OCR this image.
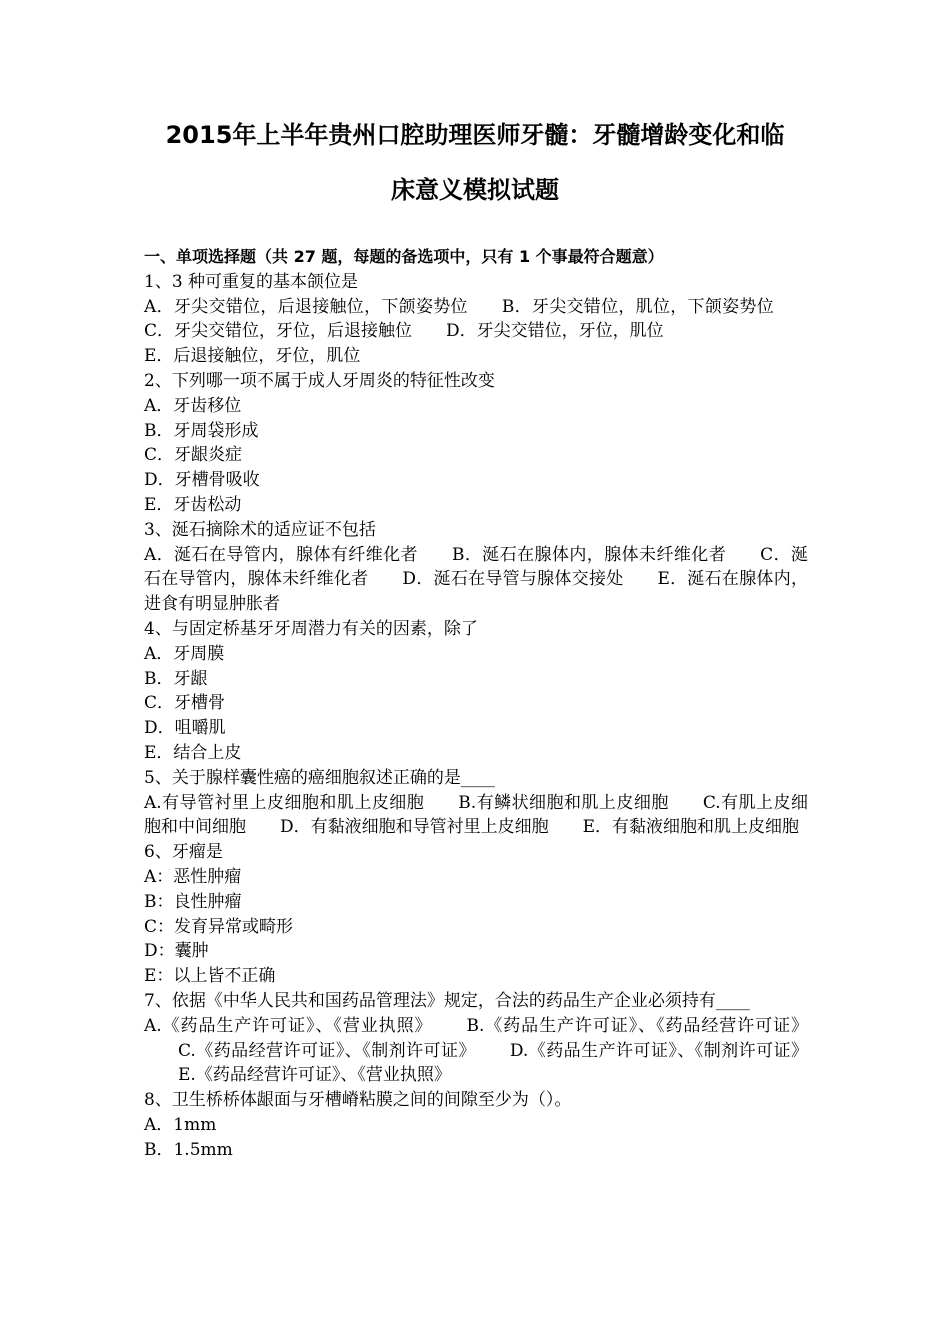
2015年上半年贵州口腔助理医师牙髓：牙髓增龄变化和临
床意义模拟试题
一、单项选择题（共 27 题，每题的备选项中，只有 1 个事最符合题意）

1、3 种可重复的基本颌位是

A．牙尖交错位，后退接触位，下颌姿势位 B．牙尖交错位，肌位，下颌姿势位C．牙尖交错位，牙位，后退接触位 D．牙尖交错位，牙位，肌位
E．后退接触位，牙位，肌位

2、下列哪一项不属于成人牙周炎的特征性改变

A．牙齿移位

B．牙周袋形成

C．牙龈炎症

D．牙槽骨吸收

E．牙齿松动

3、涎石摘除术的适应证不包括

A．涎石在导管内，腺体有纤维化者 B．涎石在腺体内，腺体未纤维化者 C．涎石在导管内，腺体未纤维化者 D．涎石在导管与腺体交接处 E．涎石在腺体内，进食有明显肿胀者

4、与固定桥基牙牙周潜力有关的因素，除了

A．牙周膜

B．牙龈

C．牙槽骨

D．咀嚼肌

E．结合上皮

5、关于腺样囊性癌的癌细胞叙述正确的是____

A.有导管衬里上皮细胞和肌上皮细胞 B.有鳞状细胞和肌上皮细胞 C.有肌上皮细胞和中间细胞 D．有黏液细胞和导管衬里上皮细胞 E．有黏液细胞和肌上皮细胞

6、牙瘤是

A：恶性肿瘤

B：良性肿瘤

C：发育异常或畸形

D：囊肿

E：以上皆不正确

7、依据《中华人民共和国药品管理法》规定，合法的药品生产企业必须持有____

A.《药品生产许可证》、《营业执照》 B.《药品生产许可证》、《药品经营许可证》C.《药品经营许可证》、《制剂许可证》 D.《药品生产许可证》、《制剂许可证》E.《药品经营许可证》、《营业执照》

8、卫生桥桥体龈面与牙槽嵴粘膜之间的间隙至少为（）。

A．1mm

B．1.5mm
